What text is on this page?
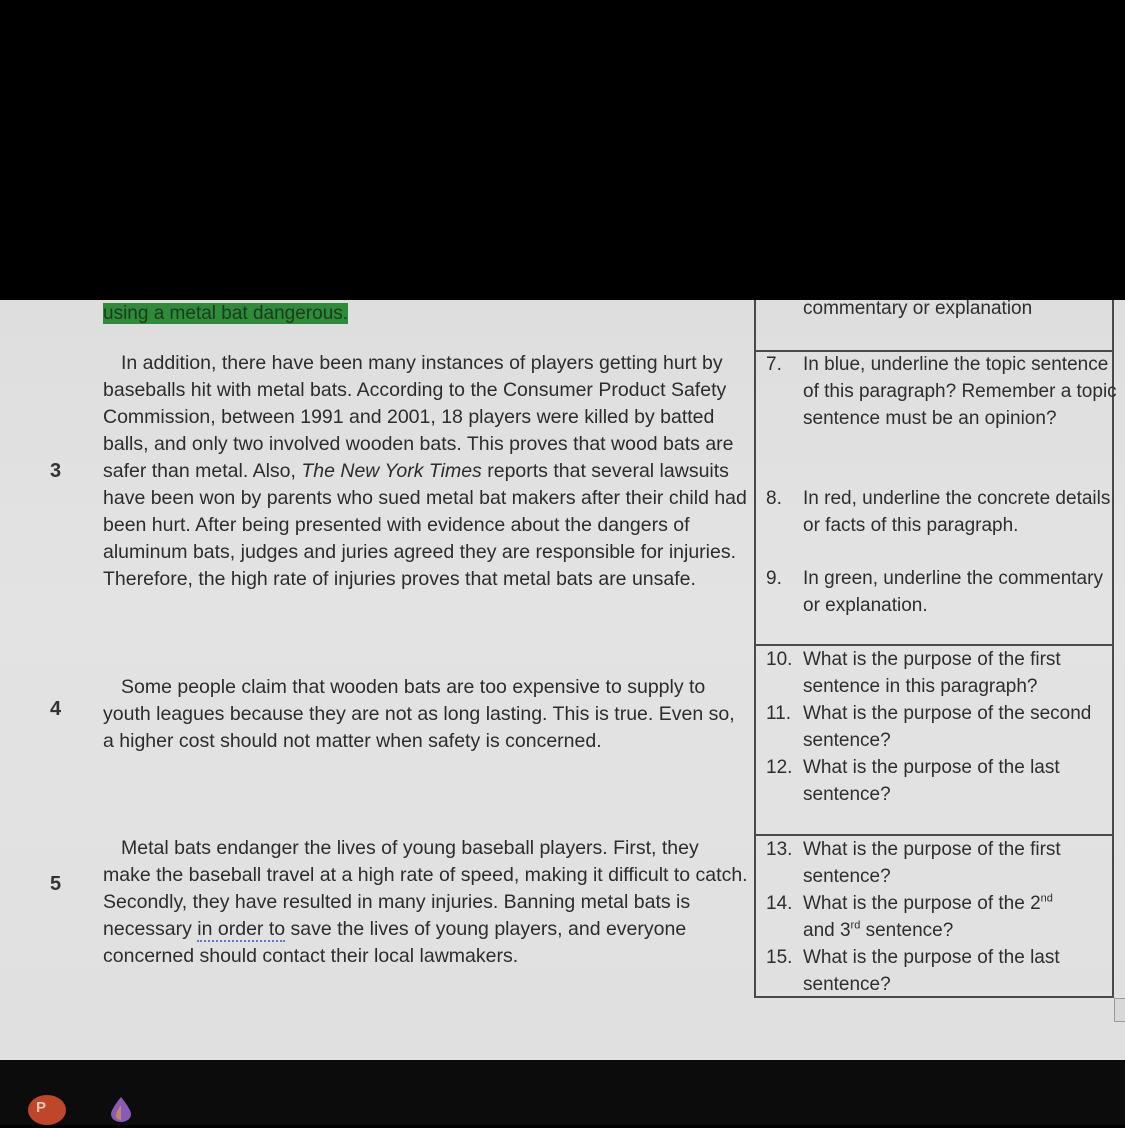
using a metal bat dangerous.	commentary or explanation
3

In addition, there have been many instances of players getting hurt by baseballs hit with metal bats. According to the Consumer Product Safety Commission, between 1991 and 2001, 18 players were killed by batted balls, and only two involved wooden bats. This proves that wood bats are safer than metal. Also, The New York Times reports that several lawsuits have been won by parents who sued metal bat makers after their child had been hurt. After being presented with evidence about the dangers of aluminum bats, judges and juries agreed they are responsible for injuries. Therefore, the high rate of injuries proves that metal bats are unsafe.

4

Some people claim that wooden bats are too expensive to supply to youth leagues because they are not as long lasting. This is true. Even so, a higher cost should not matter when safety is concerned.

5

Metal bats endanger the lives of young baseball players. First, they make the baseball travel at a high rate of speed, making it difficult to catch. Secondly, they have resulted in many injuries. Banning metal bats is necessary in order to save the lives of young players, and everyone concerned should contact their local lawmakers.

7.	In blue, underline the topic sentence of this paragraph? Remember a topic sentence must be an opinion?
8.	In red, underline the concrete details or facts of this paragraph.
9.	In green, underline the commentary or explanation.
10. What is the purpose of the first sentence in this paragraph?
11. What is the purpose of the second sentence?
12. What is the purpose of the last sentence?
13. What is the purpose of the first sentence?
14. What is the purpose of the 2nd
and 3rd sentence?
15. What is the purpose of the last sentence?
P
